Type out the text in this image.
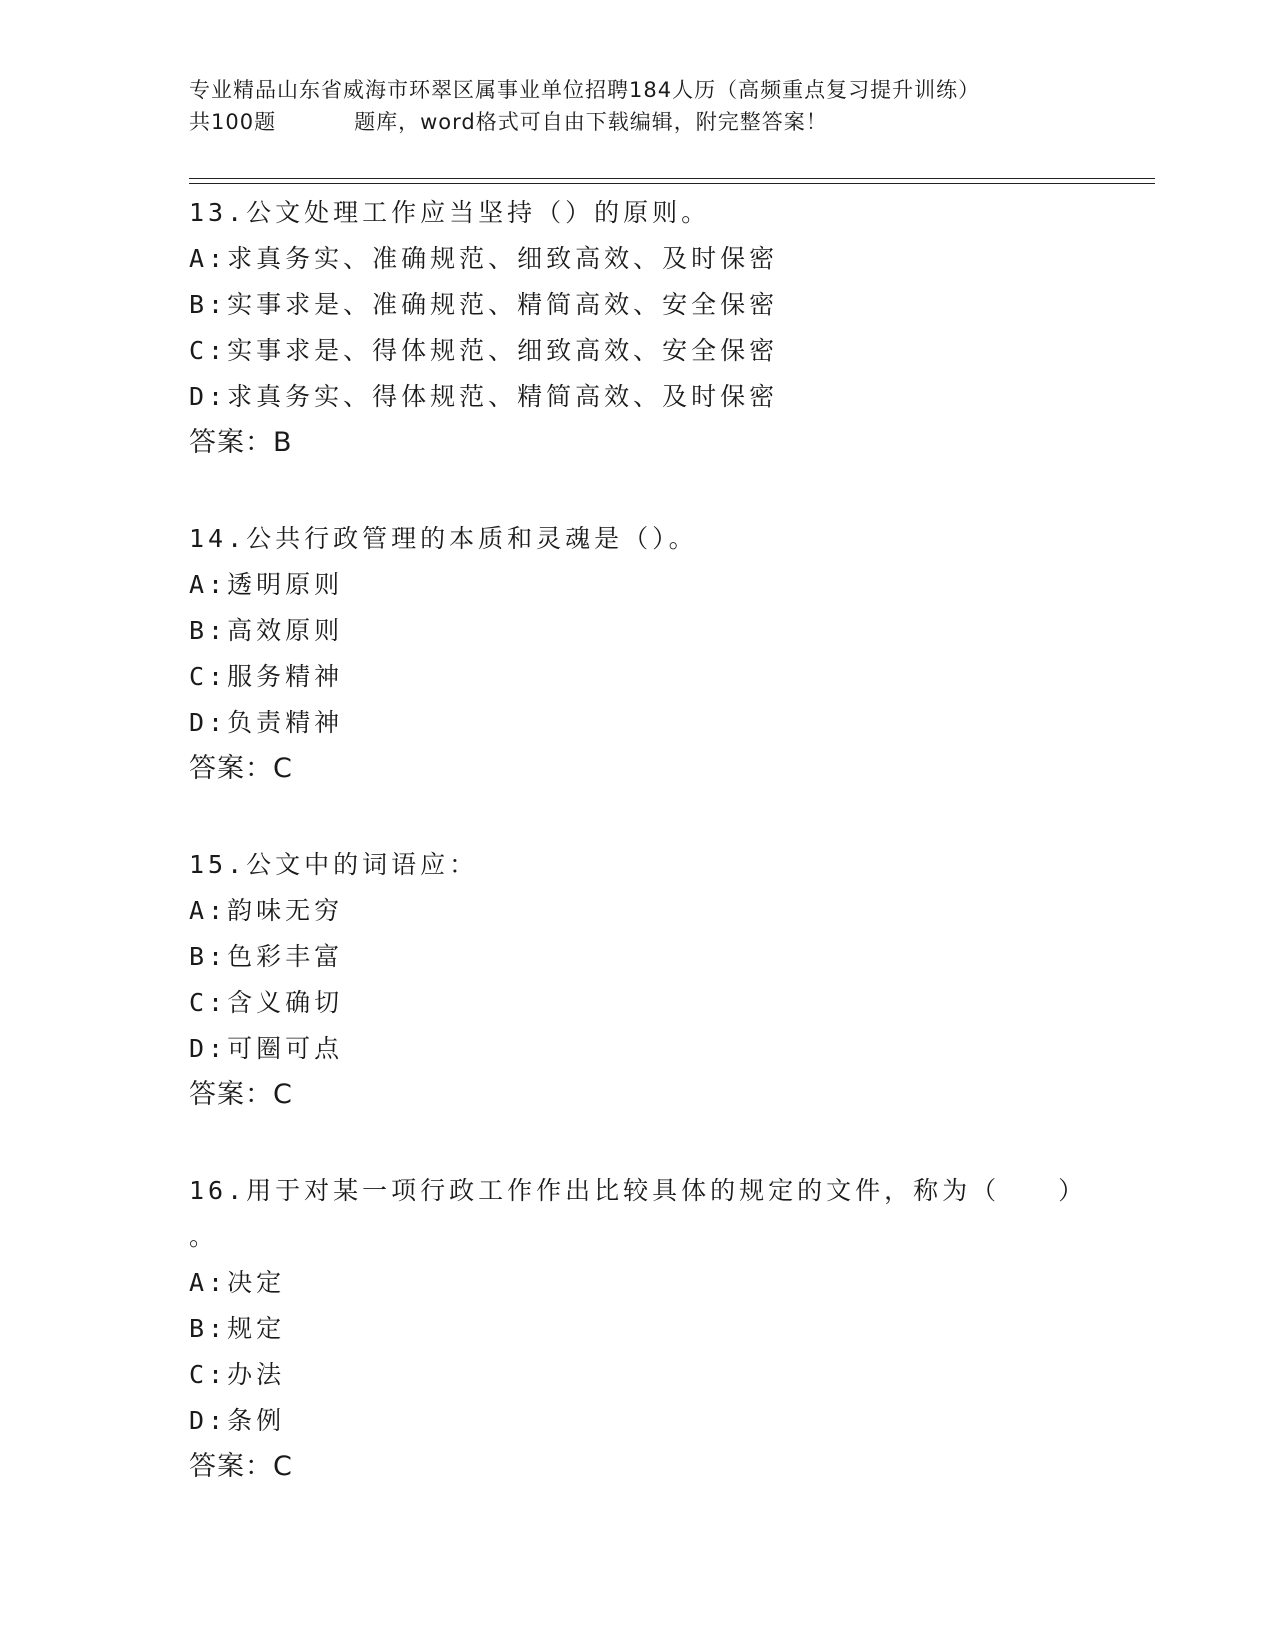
专业精品山东省威海市环翠区属事业单位招聘184人历（高频重点复习提升训练）
共100题	题库，word格式可自由下载编辑，附完整答案！
13.公文处理工作应当坚持（）的原则。
A:求真务实、准确规范、细致高效、及时保密
B:实事求是、准确规范、精简高效、安全保密
C:实事求是、得体规范、细致高效、安全保密
D:求真务实、得体规范、精简高效、及时保密
答案：B
14.公共行政管理的本质和灵魂是（）。
A:透明原则
B:高效原则
C:服务精神
D:负责精神
答案：C
15.公文中的词语应：
A:韵味无穷
B:色彩丰富
C:含义确切
D:可圈可点
答案：C
16.用于对某一项行政工作作出比较具体的规定的文件，称为（　　）
。
A:决定
B:规定
C:办法
D:条例
答案：C
